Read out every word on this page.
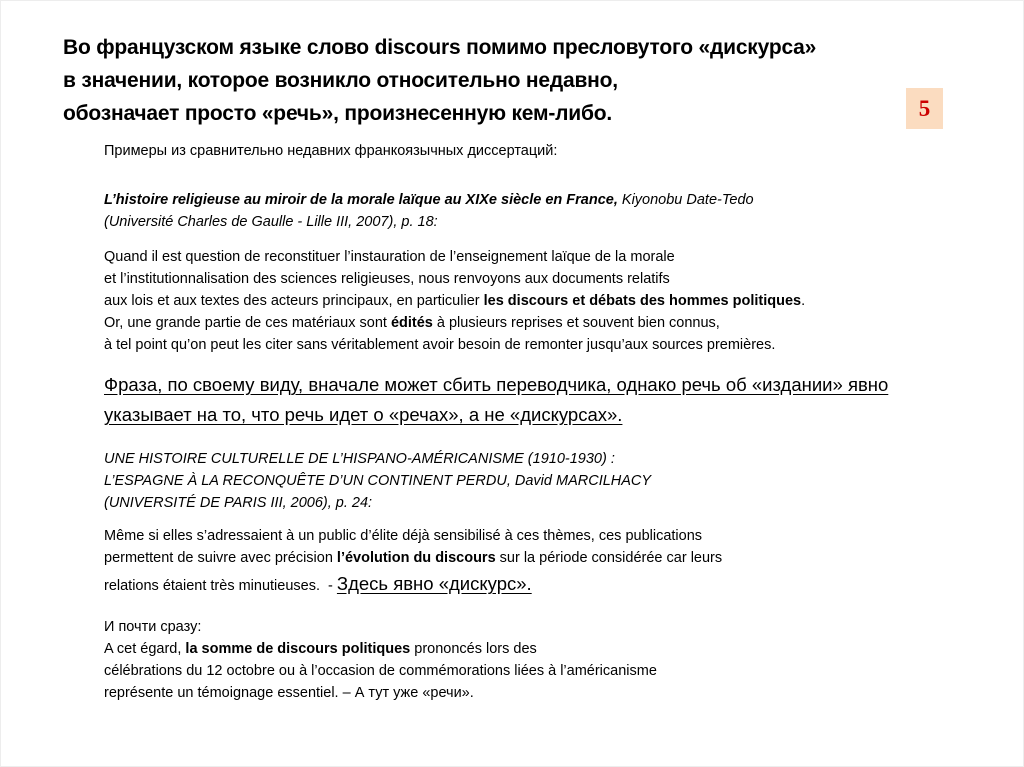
Во французском языке слово discours помимо пресловутого «дискурса»
в значении, которое возникло относительно недавно,
обозначает просто «речь», произнесенную кем-либо.	5
Примеры из сравнительно недавних франкоязычных диссертаций:
L’histoire religieuse au miroir de la morale laïque au XIXe siècle en France, Kiyonobu Date-Tedo
(Université Charles de Gaulle - Lille III, 2007), p. 18:
Quand il est question de reconstituer l’instauration de l’enseignement laïque de la morale
et l’institutionnalisation des sciences religieuses, nous renvoyons aux documents relatifs
aux lois et aux textes des acteurs principaux, en particulier les discours et débats des hommes politiques.
Or, une grande partie de ces matériaux sont édités à plusieurs reprises et souvent bien connus,
à tel point qu’on peut les citer sans véritablement avoir besoin de remonter jusqu’aux sources premières.
Фраза, по своему виду, вначале может сбить переводчика, однако речь об «издании» явно
указывает на то, что речь идет о «речах», а не «дискурсах».
UNE HISTOIRE CULTURELLE DE L’HISPANO-AMÉRICANISME (1910-1930) :
L’ESPAGNE À LA RECONQUÊTE D’UN CONTINENT PERDU, David MARCILHACY
(UNIVERSITÉ DE PARIS III, 2006), p. 24:
Même si elles s’adressaient à un public d’élite déjà sensibilisé à ces thèmes, ces publications
permettent de suivre avec précision l’évolution du discours sur la période considérée car leurs
relations étaient très minutieuses.  - Здесь явно «дискурс».
И почти сразу:
A cet égard, la somme de discours politiques prononcés lors des
célébrations du 12 octobre ou à l’occasion de commémorations liées à l’américanisme
représente un témoignage essentiel. – А тут уже «речи».
